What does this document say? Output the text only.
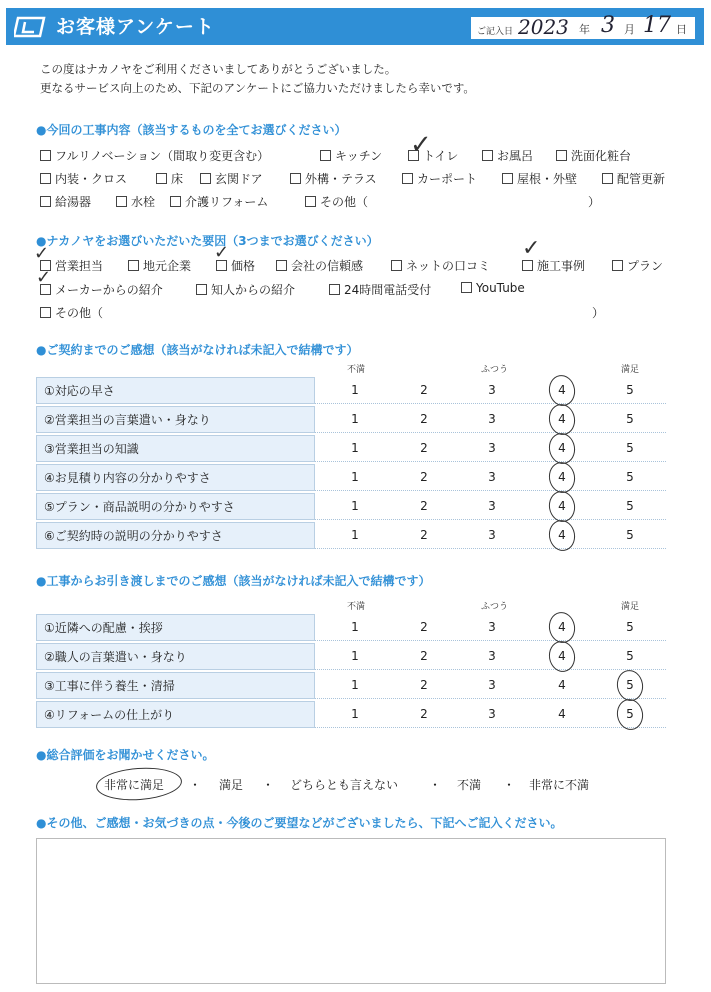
お客様アンケート	ご記入日 2023 年 3 月 17 日
この度はナカノヤをご利用くださいましてありがとうございました。
更なるサービス向上のため、下記のアンケートにご協力いただけましたら幸いです。
●今回の工事内容（該当するものを全てお選びください）
フルリノベーション（間取り変更含む）	キッチン	トイレ	お風呂	洗面化粧台
内装・クロス	床	玄関ドア	外構・テラス	カーポート	屋根・外壁	配管更新
給湯器	水栓	介護リフォーム	その他（	）
✓
●ナカノヤをお選びいただいた要因（3つまでお選びください）
営業担当	地元企業	価格	会社の信頼感	ネットの口コミ	施工事例	プラン
メーカーからの紹介	知人からの紹介	24時間電話受付	YouTube
その他（	）
✓	✓	✓
✓
●ご契約までのご感想（該当がなければ未記入で結構です）
不満	ふつう	満足
①対応の早さ	1	2	3	4	5
②営業担当の言葉遣い・身なり	1	2	3	4	5
③営業担当の知識	1	2	3	4	5
④お見積り内容の分かりやすさ	1	2	3	4	5
⑤プラン・商品説明の分かりやすさ	1	2	3	4	5
⑥ご契約時の説明の分かりやすさ	1	2	3	4	5
●工事からお引き渡しまでのご感想（該当がなければ未記入で結構です）
不満	ふつう	満足
①近隣への配慮・挨拶	1	2	3	4	5
②職人の言葉遣い・身なり	1	2	3	4	5
③工事に伴う養生・清掃	1	2	3	4	5
④リフォームの仕上がり	1	2	3	4	5
●総合評価をお聞かせください。
非常に満足 ・ 満足 ・ どちらとも言えない	・ 不満 ・ 非常に不満
●その他、ご感想・お気づきの点・今後のご要望などがございましたら、下記へご記入ください。
